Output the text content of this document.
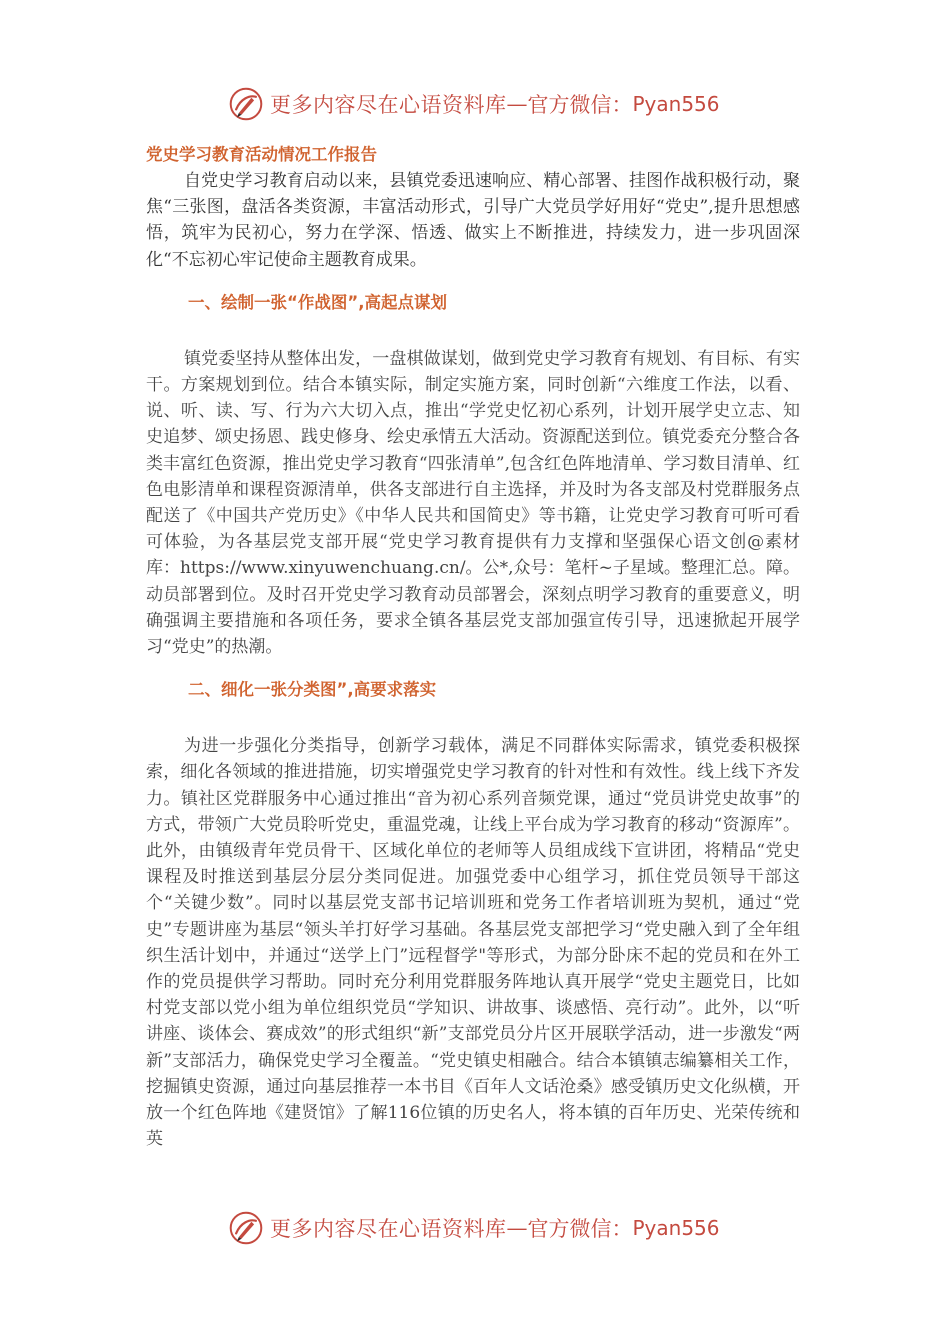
更多内容尽在心语资料库 — 官方微信： Pyan556

党史学习教育活动情况工作报告

自党史学习教育启动以来，县镇党委迅速响应、精心部署、挂图作战积极行动，聚焦“三张图，盘活各类资源，丰富活动形式，引导广大党员学好用好“党史”,提升思想感悟，筑牢为民初心，努力在学深、悟透、做实上不断推进，持续发力，进一步巩固深化“不忘初心牢记使命主题教育成果。

一、绘制一张“作战图”,高起点谋划

镇党委坚持从整体出发，一盘棋做谋划，做到党史学习教育有规划、有目标、有实干。方案规划到位。结合本镇实际，制定实施方案，同时创新“六维度工作法，以看、说、听、读、写、行为六大切入点，推出“学党史忆初心系列，计划开展学史立志、知史追梦、颂史扬恩、践史修身、绘史承情五大活动。资源配送到位。镇党委充分整合各类丰富红色资源，推出党史学习教育“四张清单”,包含红色阵地清单、学习数目清单、红色电影清单和课程资源清单，供各支部进行自主选择，并及时为各支部及村党群服务点配送了《中国共产党历史》《中华人民共和国简史》等书籍，让党史学习教育可听可看可体验，为各基层党支部开展“党史学习教育提供有力支撑和坚强保心语文创@素材库：https://www.xinyuwenchuang.cn/。公*,众号：笔杆~子星域。整理汇总。障。动员部署到位。及时召开党史学习教育动员部署会，深刻点明学习教育的重要意义，明确强调主要措施和各项任务，要求全镇各基层党支部加强宣传引导，迅速掀起开展学习“党史”的热潮。

二、细化一张分类图”,高要求落实

为进一步强化分类指导，创新学习载体，满足不同群体实际需求，镇党委积极探索，细化各领域的推进措施，切实增强党史学习教育的针对性和有效性。线上线下齐发力。镇社区党群服务中心通过推出“音为初心系列音频党课，通过“党员讲党史故事”的方式，带领广大党员聆听党史，重温党魂，让线上平台成为学习教育的移动“资源库”。此外，由镇级青年党员骨干、区域化单位的老师等人员组成线下宣讲团，将精品“党史课程及时推送到基层分层分类同促进。加强党委中心组学习，抓住党员领导干部这个“关键少数”。同时以基层党支部书记培训班和党务工作者培训班为契机，通过“党史”专题讲座为基层“领头羊打好学习基础。各基层党支部把学习“党史融入到了全年组织生活计划中，并通过“送学上门”远程督学"等形式，为部分卧床不起的党员和在外工作的党员提供学习帮助。同时充分利用党群服务阵地认真开展学“党史主题党日，比如村党支部以党小组为单位组织党员“学知识、讲故事、谈感悟、亮行动”。此外，以“听讲座、谈体会、赛成效”的形式组织“新”支部党员分片区开展联学活动，进一步激发“两新”支部活力，确保党史学习全覆盖。“党史镇史相融合。结合本镇镇志编纂相关工作，挖掘镇史资源，通过向基层推荐一本书目《百年人文话沧桑》感受镇历史文化纵横，开放一个红色阵地《建贤馆》了解116位镇的历史名人，将本镇的百年历史、光荣传统和英

更多内容尽在心语资料库 — 官方微信： Pyan556
